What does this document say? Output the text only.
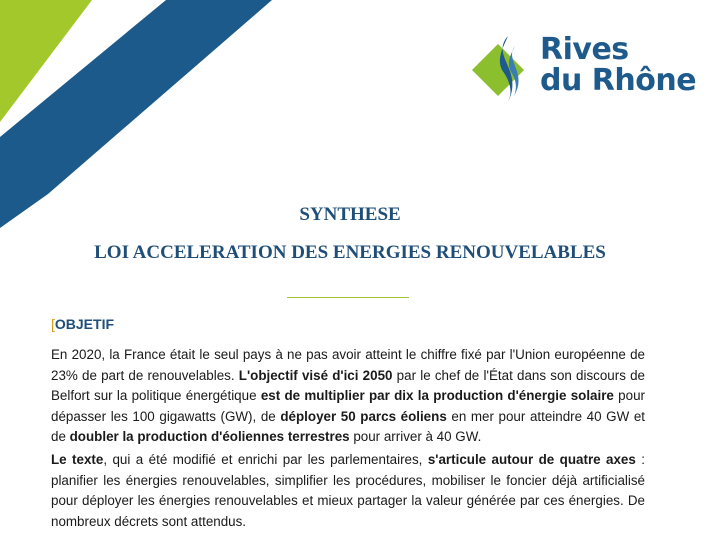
Rives
du Rhône
SYNTHESE
LOI ACCELERATION DES ENERGIES RENOUVELABLES
[OBJETIF

En 2020, la France était le seul pays à ne pas avoir atteint le chiffre fixé par l'Union européenne de 23% de part de renouvelables. L'objectif visé d'ici 2050 par le chef de l'État dans son discours de Belfort sur la politique énergétique est de multiplier par dix la production d'énergie solaire pour dépasser les 100 gigawatts (GW), de déployer 50 parcs éoliens en mer pour atteindre 40 GW et de doubler la production d'éoliennes terrestres pour arriver à 40 GW.

Le texte, qui a été modifié et enrichi par les parlementaires, s'articule autour de quatre axes : planifier les énergies renouvelables, simplifier les procédures, mobiliser le foncier déjà artificialisé pour déployer les énergies renouvelables et mieux partager la valeur générée par ces énergies. De nombreux décrets sont attendus.
